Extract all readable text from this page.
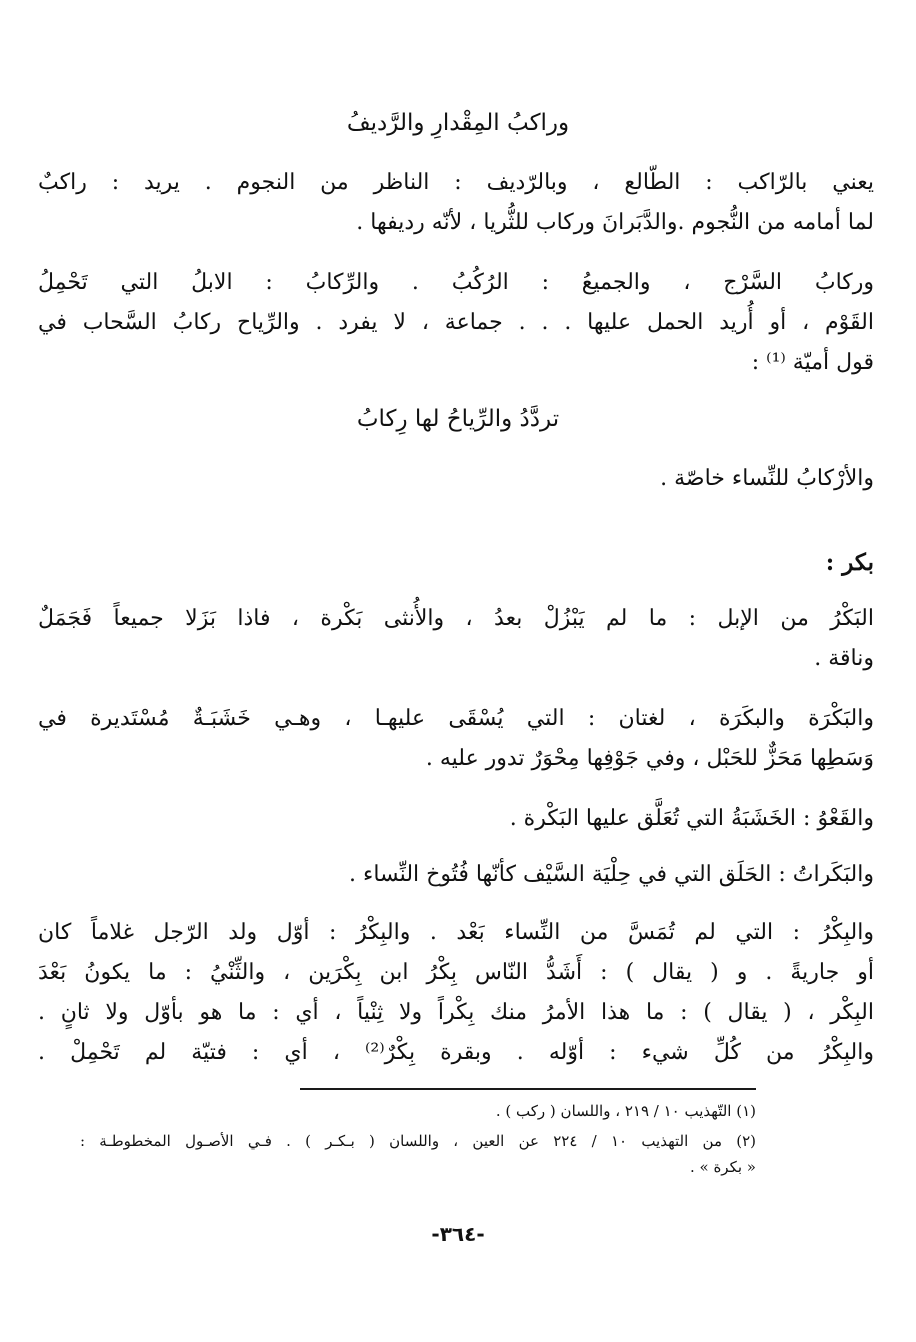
وراكبُ المِقْدارِ والرَّديفُ
يعني بالرّاكب : الطّالع ، وبالرّديف : الناظر من النجوم . يريد : راكبٌ
لما أمامه من النُّجوم .والدَّبَرانَ وركاب للثُّريا ، لأنّه رديفها .
وركابُ السَّرْج ، والجميعُ : الرُكُبُ . والرِّكابُ : الابلُ التي تَحْمِلُ
القَوْم ، أو أُريد الحمل عليها . . . جماعة ، لا يفرد . والرِّياح ركابُ السَّحاب في
قول أميّة ⁽¹⁾ :
تردَّدُ والرِّياحُ لها رِكابُ
والأرْكابُ للنِّساء خاصّة .
بكر :
البَكْرُ من الإبل : ما لم يَبْزُلْ بعدُ ، والأُنثى بَكْرة ، فاذا بَزَلا جميعاً فَجَمَلٌ
وناقة .
والبَكْرَة والبكَرَة ، لغتان : التي يُسْقَى عليهـا ، وهـي خَشَبَـةٌ مُسْتَديرة في
وَسَطِها مَحَزٌّ للحَبْل ، وفي جَوْفِها مِحْوَرٌ تدور عليه .
والقَعْوُ : الخَشَبَةُ التي تُعَلَّق عليها البَكْرة .
والبَكَراتُ : الحَلَق التي في حِلْيَة السَّيْف كأنّها فُتُوخ النِّساء .
والبِكْرُ : التي لم تُمَسَّ من النِّساء بَعْد . والبِكْرُ : أوّل ولد الرّجل غلاماً كان
أو جاريةً . و ( يقال ) : أَشَدُّ النّاس بِكْرُ ابن بِكْرَين ، والثِّنْيُ : ما يكونُ بَعْدَ
البِكْر ، ( يقال ) : ما هذا الأمرُ منك بِكْراً ولا ثِنْياً ، أي : ما هو بأوّل ولا ثانٍ .
والبِكْرُ من كُلِّ شيء : أوّله . وبقرة بِكْرٌ⁽²⁾ ، أي : فتيّة لم تَحْمِلْ .
(١) التّهذيب ١٠ / ٢١٩ ، واللسان ( ركب ) .
(٢) من التهذيب ١٠ / ٢٢٤ عن العين ، واللسان ( بـكـر ) . فـي الأصـول المخطوطـة :
« بكرة » .
-٣٦٤-
